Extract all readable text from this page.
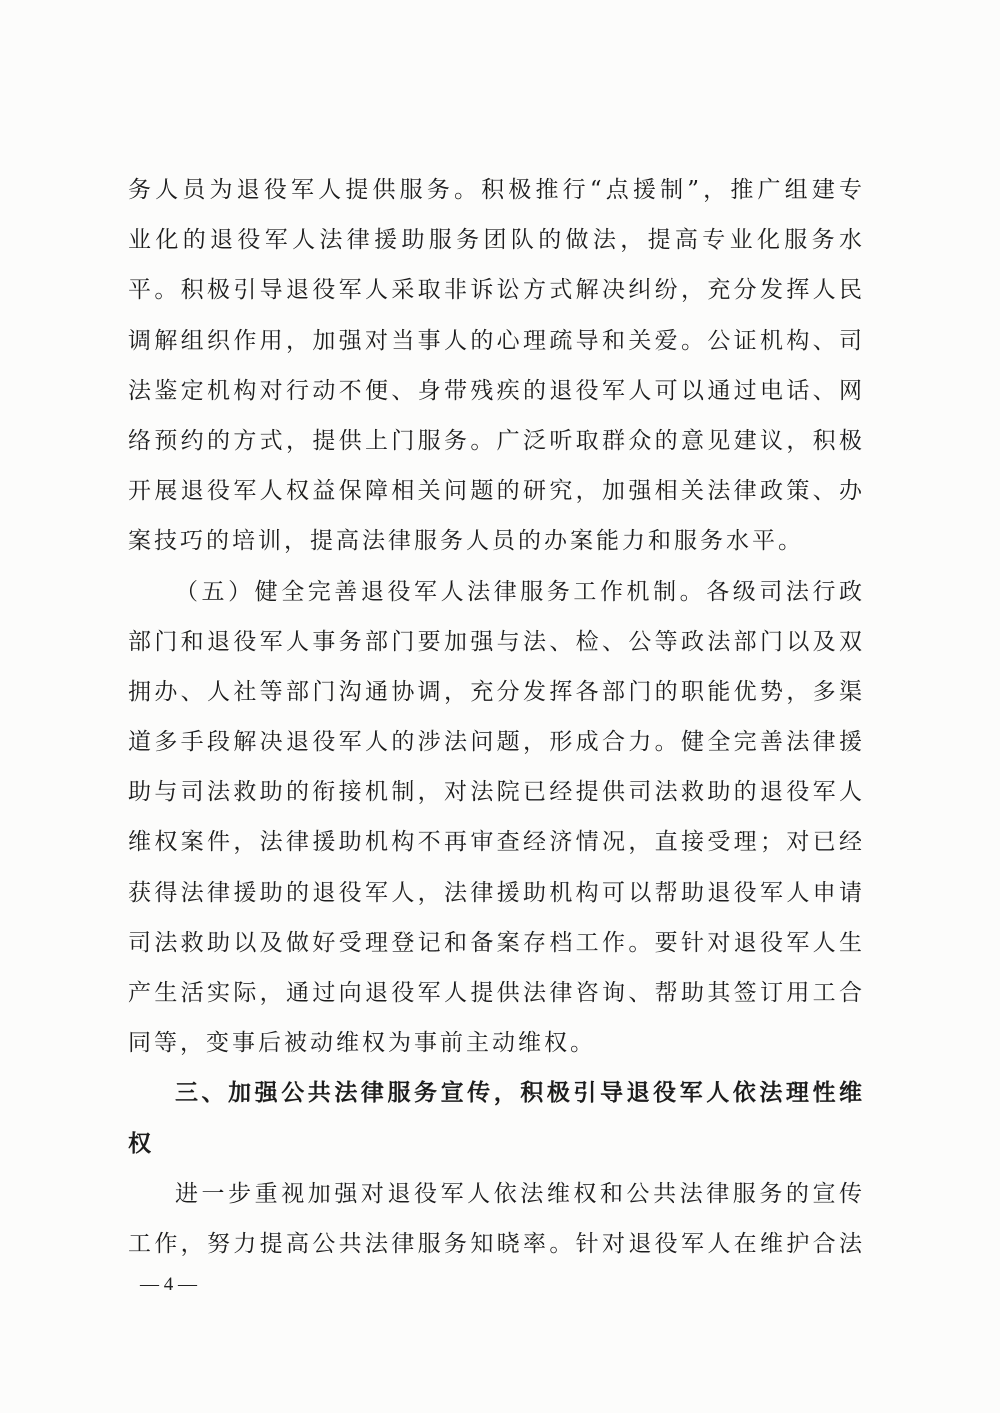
务人员为退役军人提供服务。积极推行“点援制”，推广组建专
业化的退役军人法律援助服务团队的做法，提高专业化服务水
平。积极引导退役军人采取非诉讼方式解决纠纷，充分发挥人民
调解组织作用，加强对当事人的心理疏导和关爱。公证机构、司
法鉴定机构对行动不便、身带残疾的退役军人可以通过电话、网
络预约的方式，提供上门服务。广泛听取群众的意见建议，积极
开展退役军人权益保障相关问题的研究，加强相关法律政策、办
案技巧的培训，提高法律服务人员的办案能力和服务水平。
（五）健全完善退役军人法律服务工作机制。各级司法行政
部门和退役军人事务部门要加强与法、检、公等政法部门以及双
拥办、人社等部门沟通协调，充分发挥各部门的职能优势，多渠
道多手段解决退役军人的涉法问题，形成合力。健全完善法律援
助与司法救助的衔接机制，对法院已经提供司法救助的退役军人
维权案件，法律援助机构不再审查经济情况，直接受理；对已经
获得法律援助的退役军人，法律援助机构可以帮助退役军人申请
司法救助以及做好受理登记和备案存档工作。要针对退役军人生
产生活实际，通过向退役军人提供法律咨询、帮助其签订用工合
同等，变事后被动维权为事前主动维权。
三、加强公共法律服务宣传，积极引导退役军人依法理性维
权
进一步重视加强对退役军人依法维权和公共法律服务的宣传
工作，努力提高公共法律服务知晓率。针对退役军人在维护合法
— 4 —
